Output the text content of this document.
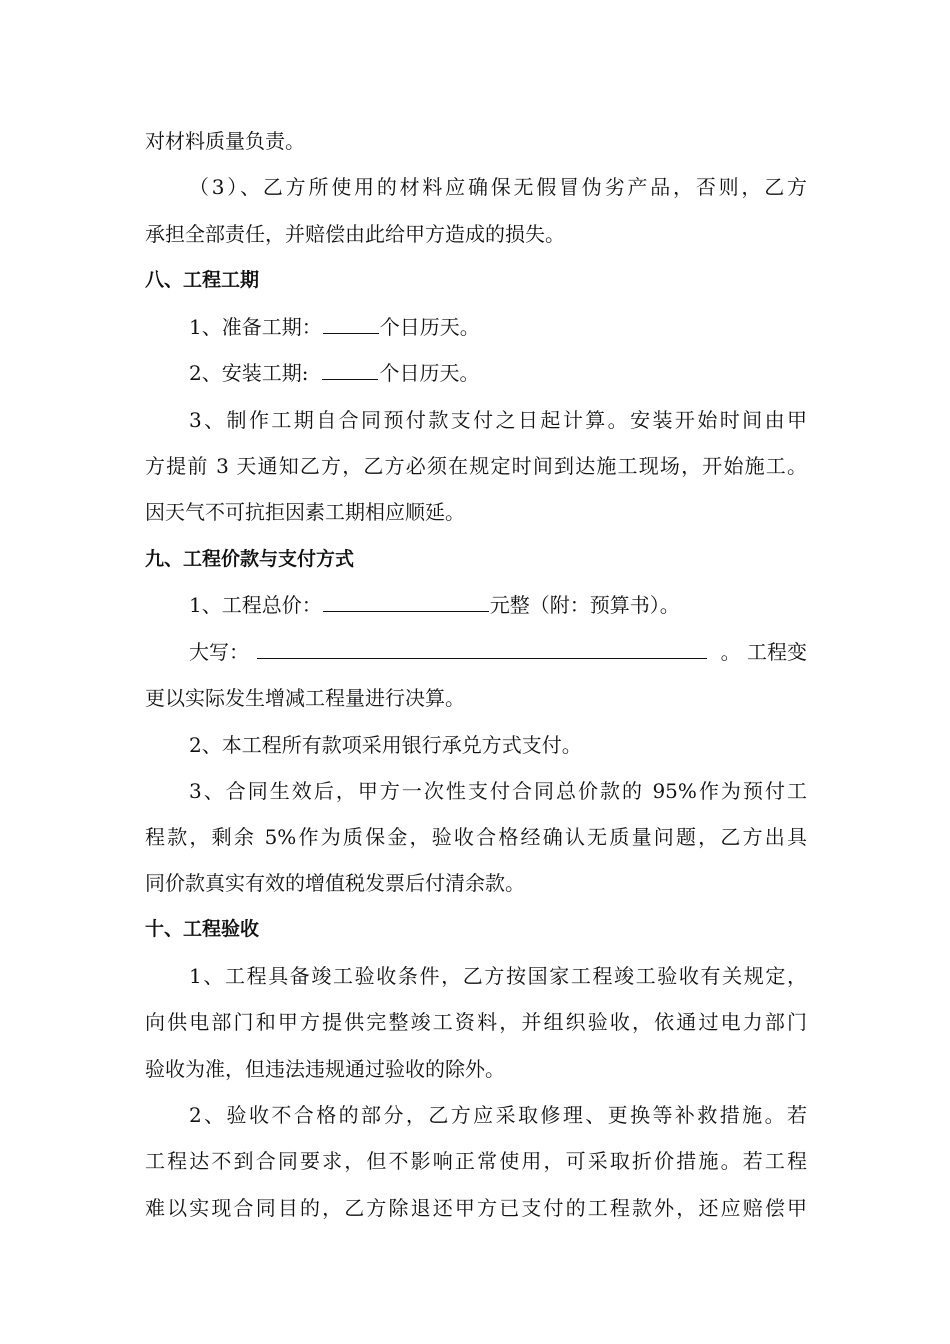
对材料质量负责。
（3）、乙方所使用的材料应确保无假冒伪劣产品，否则，乙方
承担全部责任，并赔偿由此给甲方造成的损失。
八、工程工期
1、准备工期：	个日历天。
2、安装工期:	个日历天。
3、制作工期自合同预付款支付之日起计算。安装开始时间由甲
方提前 3 天通知乙方，乙方必须在规定时间到达施工现场，开始施工。
因天气不可抗拒因素工期相应顺延。
九、工程价款与支付方式
1、工程总价：	元整（附：预算书）。
大写：	。 工程变
更以实际发生增减工程量进行决算。
2、本工程所有款项采用银行承兑方式支付。
3、合同生效后，甲方一次性支付合同总价款的 95%作为预付工
程款，剩余 5%作为质保金，验收合格经确认无质量问题，乙方出具
同价款真实有效的增值税发票后付清余款。
十、工程验收
1、工程具备竣工验收条件，乙方按国家工程竣工验收有关规定，
向供电部门和甲方提供完整竣工资料，并组织验收，依通过电力部门
验收为准，但违法违规通过验收的除外。
2、验收不合格的部分，乙方应采取修理、更换等补救措施。若
工程达不到合同要求，但不影响正常使用，可采取折价措施。若工程
难以实现合同目的，乙方除退还甲方已支付的工程款外，还应赔偿甲
